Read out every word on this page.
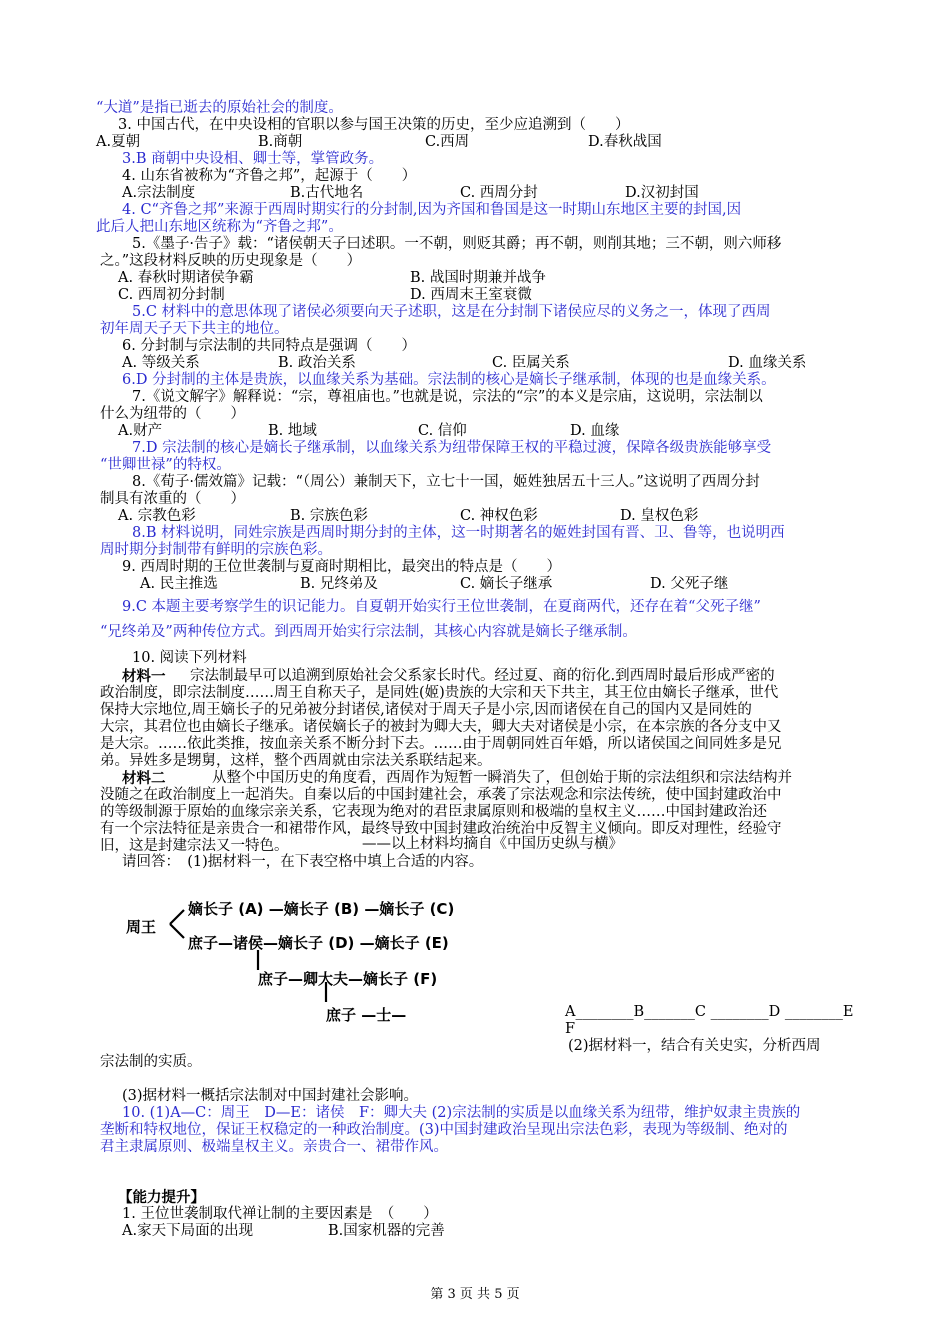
“大道”是指已逝去的原始社会的制度。
3. 中国古代，在中央设相的官职以参与国王决策的历史，至少应追溯到（　　）
A.夏朝	B.商朝	C.西周	D.春秋战国
3.B 商朝中央设相、卿士等，掌管政务。
4. 山东省被称为“齐鲁之邦”，起源于（　　）
A.宗法制度	B.古代地名	C. 西周分封	D.汉初封国
4. C“齐鲁之邦”来源于西周时期实行的分封制,因为齐国和鲁国是这一时期山东地区主要的封国,因
此后人把山东地区统称为“齐鲁之邦”。
5.《墨子·告子》载：“诸侯朝天子曰述职。一不朝，则贬其爵；再不朝，则削其地；三不朝，则六师移
之。”这段材料反映的历史现象是（　　）
A. 春秋时期诸侯争霸	B. 战国时期兼并战争
C. 西周初分封制	D. 西周末王室衰微
5.C 材料中的意思体现了诸侯必须要向天子述职，这是在分封制下诸侯应尽的义务之一，体现了西周
初年周天子天下共主的地位。
6. 分封制与宗法制的共同特点是强调（　　）
A. 等级关系	B. 政治关系	C. 臣属关系	D. 血缘关系
6.D 分封制的主体是贵族，以血缘关系为基础。宗法制的核心是嫡长子继承制，体现的也是血缘关系。
7.《说文解字》解释说：“宗，尊祖庙也。”也就是说，宗法的“宗”的本义是宗庙，这说明，宗法制以
什么为纽带的（　　）
A.财产	B. 地域	C. 信仰	D. 血缘
7.D 宗法制的核心是嫡长子继承制，以血缘关系为纽带保障王权的平稳过渡，保障各级贵族能够享受
“世卿世禄”的特权。
8.《荀子·儒效篇》记载：“（周公）兼制天下，立七十一国，姬姓独居五十三人。”这说明了西周分封
制具有浓重的（　　）
A. 宗教色彩	B. 宗族色彩	C. 神权色彩	D. 皇权色彩
8.B 材料说明，同姓宗族是西周时期分封的主体，这一时期著名的姬姓封国有晋、卫、鲁等，也说明西
周时期分封制带有鲜明的宗族色彩。
9. 西周时期的王位世袭制与夏商时期相比，最突出的特点是（　　）
A. 民主推选	B. 兄终弟及	C. 嫡长子继承	D. 父死子继
9.C 本题主要考察学生的识记能力。自夏朝开始实行王位世袭制，在夏商两代，还存在着“父死子继”
“兄终弟及”两种传位方式。到西周开始实行宗法制，其核心内容就是嫡长子继承制。
10. 阅读下列材料
材料一 宗法制最早可以追溯到原始社会父系家长时代。经过夏、商的衍化.到西周时最后形成严密的
政治制度，即宗法制度……周王自称天子，是同姓(姬)贵族的大宗和天下共主，其王位由嫡长子继承，世代
保持大宗地位,周王嫡长子的兄弟被分封诸侯,诸侯对于周天子是小宗,因而诸侯在自己的国内又是同姓的
大宗，其君位也由嫡长子继承。诸侯嫡长子的被封为卿大夫，卿大夫对诸侯是小宗，在本宗族的各分支中又
是大宗。……依此类推，按血亲关系不断分封下去。……由于周朝同姓百年婚，所以诸侯国之间同姓多是兄
弟。异姓多是甥舅，这样，整个西周就由宗法关系联结起来。
材料二	从整个中国历史的角度看，西周作为短暂一瞬消失了，但创始于斯的宗法组织和宗法结构并
没随之在政治制度上一起消失。自秦以后的中国封建社会，承袭了宗法观念和宗法传统，使中国封建政治中
的等级制源于原始的血缘宗亲关系，它表现为绝对的君臣隶属原则和极端的皇权主义……中国封建政治还
有一个宗法特征是亲贵合一和裙带作风，最终导致中国封建政治统治中反智主义倾向。即反对理性，经验守
旧，这是封建宗法又一特色。	——以上材料均摘自《中国历史纵与横》
请回答：　(1)据材料一，在下表空格中填上合适的内容。
嫡长子 (A) —嫡长子 (B) —嫡长子 (C)
周王
庶子—诸侯—嫡长子 (D) —嫡长子 (E)
庶子—卿大夫—嫡长子 (F)
庶子 —士—	A________B_______C ________D ________E
F
(2)据材料一，结合有关史实，分析西周
宗法制的实质。
(3)据材料一概括宗法制对中国封建社会影响。
10. (1)A—C：周王　D—E：诸侯　F：卿大夫 (2)宗法制的实质是以血缘关系为纽带，维护奴隶主贵族的
垄断和特权地位，保证王权稳定的一种政治制度。(3)中国封建政治呈现出宗法色彩，表现为等级制、绝对的
君主隶属原则、极端皇权主义。亲贵合一、裙带作风。
【能力提升】
1. 王位世袭制取代禅让制的主要因素是　（　　）
A.家天下局面的出现	B.国家机器的完善
第 3 页 共 5 页
